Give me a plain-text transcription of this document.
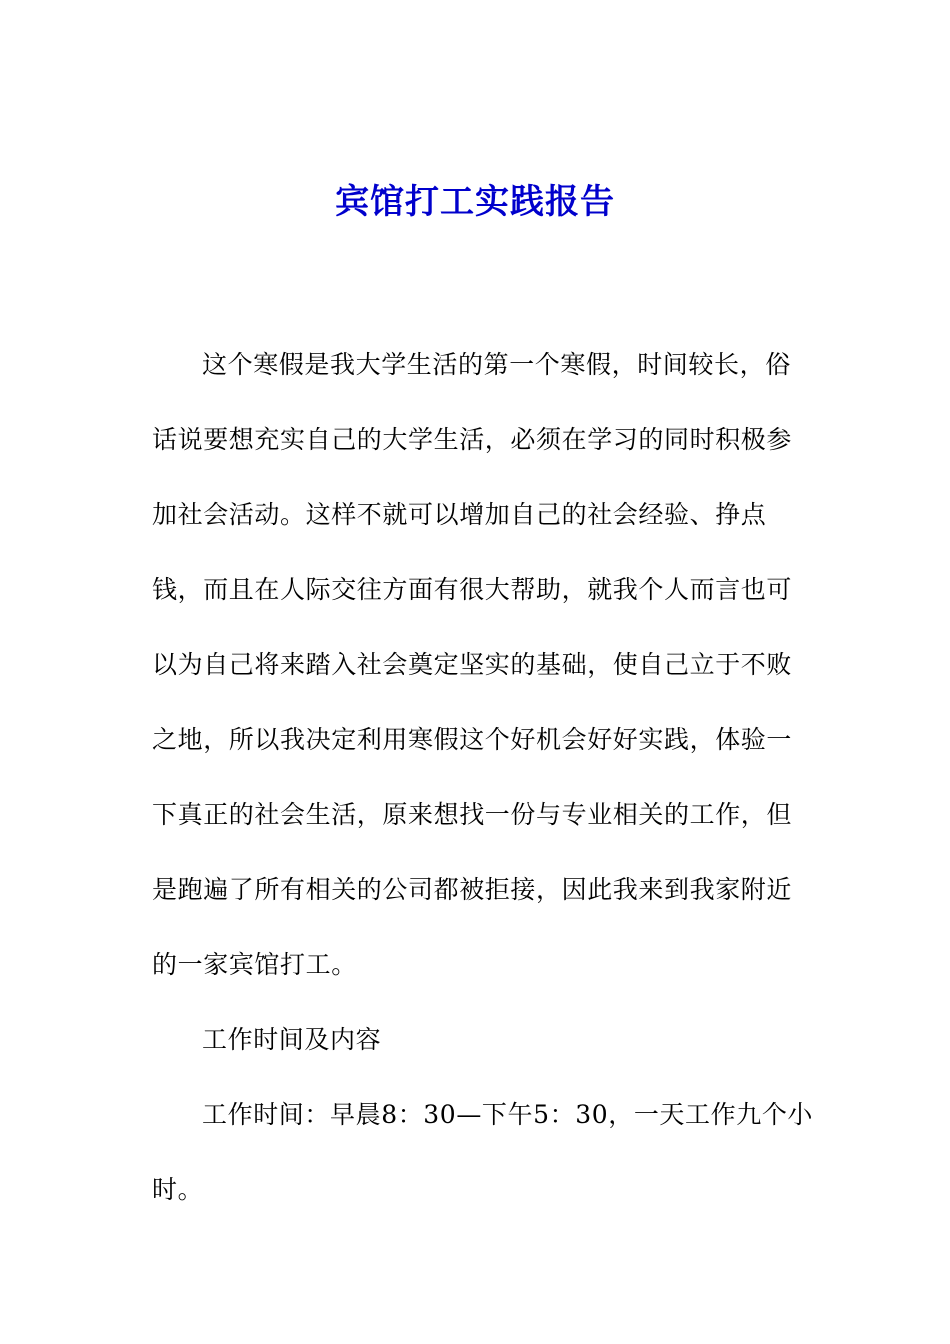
宾馆打工实践报告
这个寒假是我大学生活的第一个寒假，时间较长，俗
话说要想充实自己的大学生活，必须在学习的同时积极参
加社会活动。这样不就可以增加自己的社会经验、挣点
钱，而且在人际交往方面有很大帮助，就我个人而言也可
以为自己将来踏入社会奠定坚实的基础，使自己立于不败
之地，所以我决定利用寒假这个好机会好好实践，体验一
下真正的社会生活，原来想找一份与专业相关的工作，但
是跑遍了所有相关的公司都被拒接，因此我来到我家附近
的一家宾馆打工。
工作时间及内容
工作时间：早晨8：30—下午5：30，一天工作九个小
时。
